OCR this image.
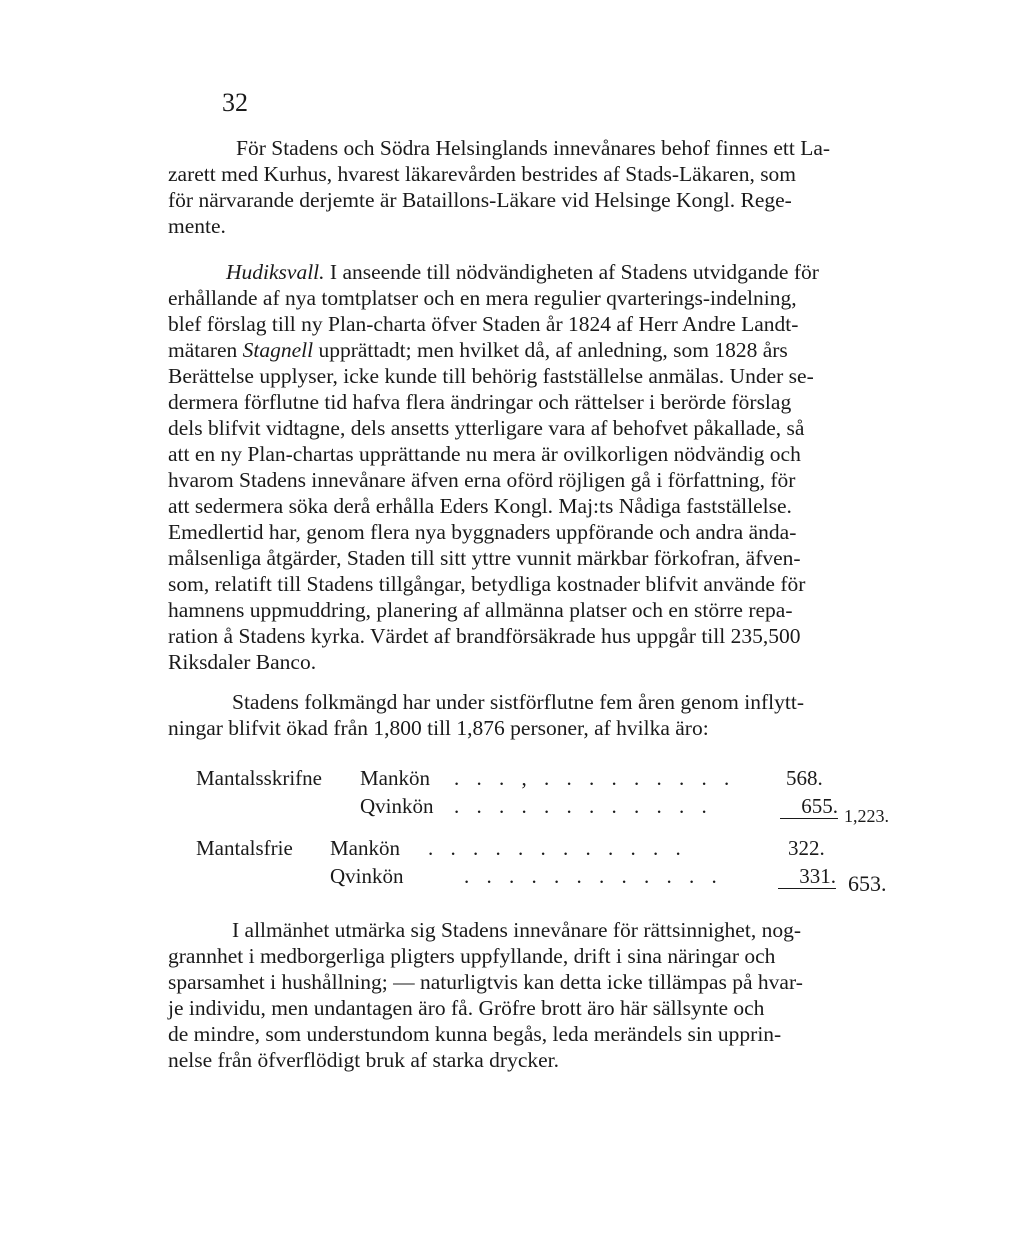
32
För Stadens och Södra Helsinglands innevånares behof finnes ett La-
zarett med Kurhus, hvarest läkarevården bestrides af Stads-Läkaren, som
för närvarande derjemte är Bataillons-Läkare vid Helsinge Kongl. Rege-
mente.
Hudiksvall. I anseende till nödvändigheten af Stadens utvidgande för
erhållande af nya tomtplatser och en mera regulier qvarterings-indelning,
blef förslag till ny Plan-charta öfver Staden år 1824 af Herr Andre Landt-
mätaren Stagnell upprättadt; men hvilket då, af anledning, som 1828 års
Berättelse upplyser, icke kunde till behörig fastställelse anmälas. Under se-
dermera förflutne tid hafva flera ändringar och rättelser i berörde förslag
dels blifvit vidtagne, dels ansetts ytterligare vara af behofvet påkallade, så
att en ny Plan-chartas upprättande nu mera är ovilkorligen nödvändig och
hvarom Stadens innevånare äfven erna oförd röjligen gå i författning, för
att sedermera söka derå erhålla Eders Kongl. Maj:ts Nådiga fastställelse.
Emedlertid har, genom flera nya byggnaders uppförande och andra ända-
målsenliga åtgärder, Staden till sitt yttre vunnit märkbar förkofran, äfven-
som, relatift till Stadens tillgångar, betydliga kostnader blifvit använde för
hamnens uppmuddring, planering af allmänna platser och en större repa-
ration å Stadens kyrka. Värdet af brandförsäkrade hus uppgår till 235,500
Riksdaler Banco.
Stadens folkmängd har under sistförflutne fem åren genom inflytt-
ningar blifvit ökad från 1,800 till 1,876 personer, af hvilka äro:
Mantalsskrifne Mankön . . . , . . . . . . . . . 568.
Qvinkön . . . . . . . . . . . .	655. 1,223.
Mantalsfrie Mankön . . . . . . . . . . . .	322.
Qvinkön	. . . . . . . . . . . .	331. 653.
I allmänhet utmärka sig Stadens innevånare för rättsinnighet, nog-
grannhet i medborgerliga pligters uppfyllande, drift i sina näringar och
sparsamhet i hushållning; — naturligtvis kan detta icke tillämpas på hvar-
je individu, men undantagen äro få. Gröfre brott äro här sällsynte och
de mindre, som understundom kunna begås, leda merändels sin upprin-
nelse från öfverflödigt bruk af starka drycker.
